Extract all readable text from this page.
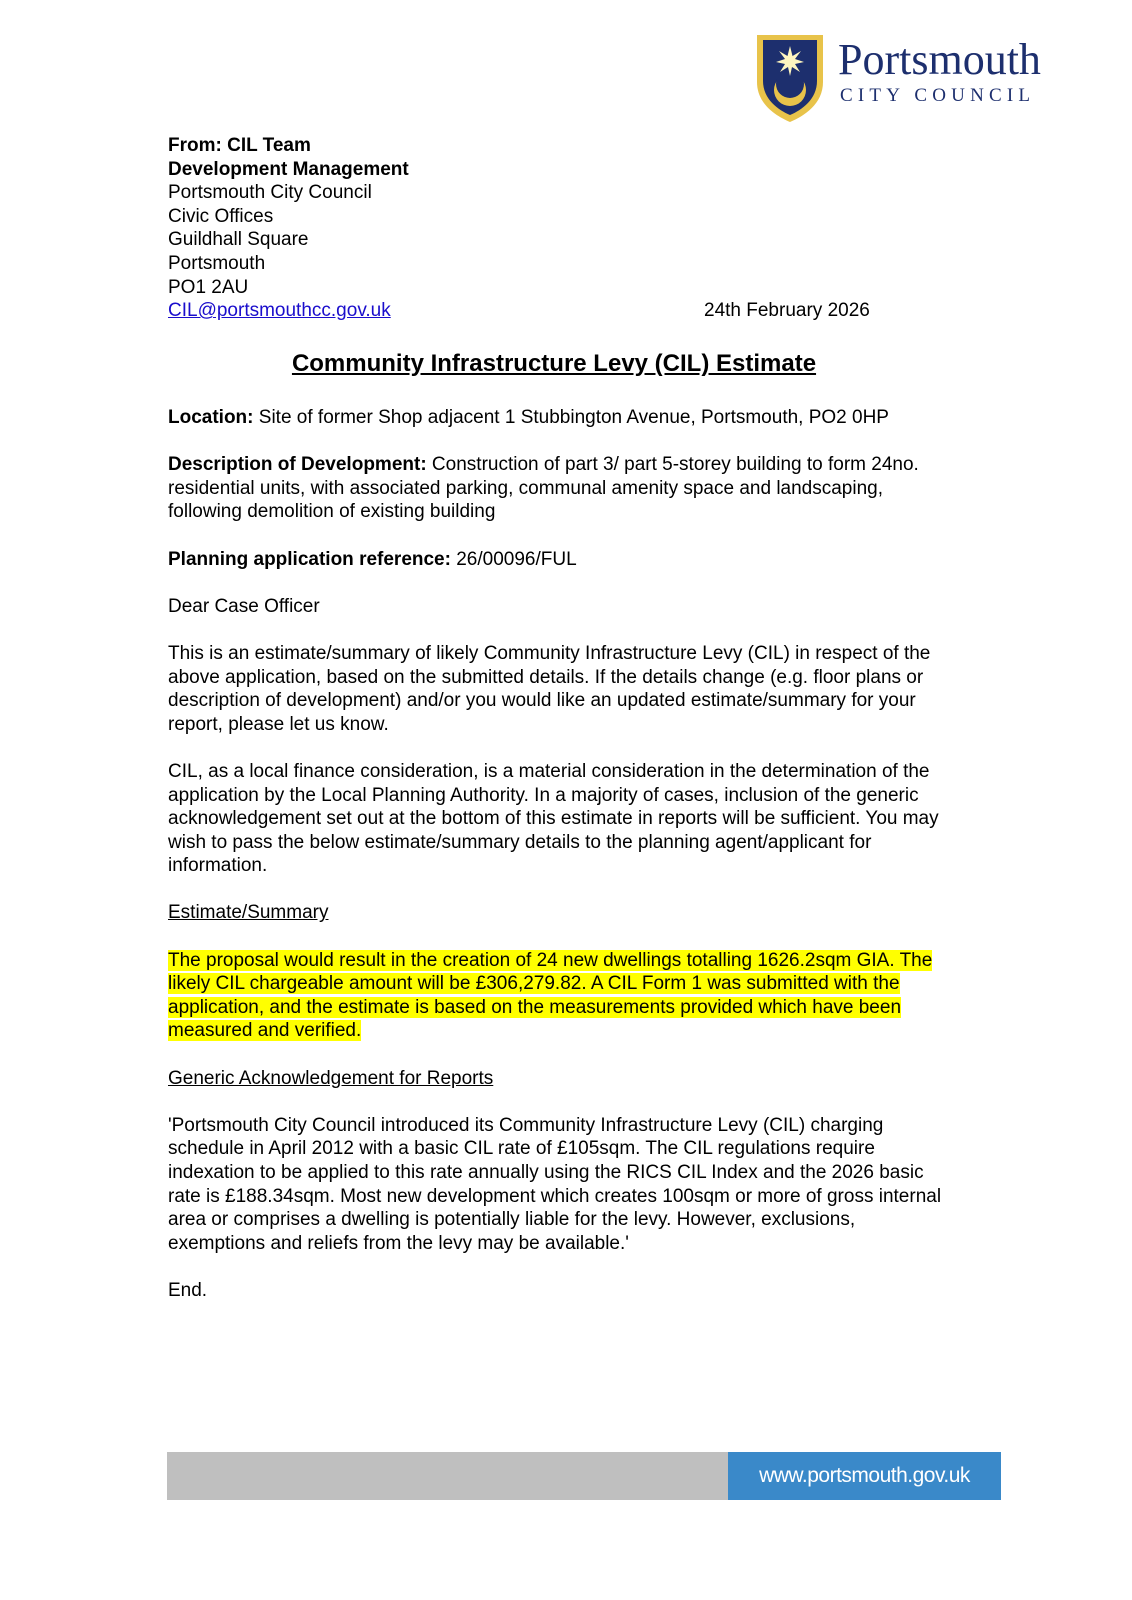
Portsmouth
CITY COUNCIL
From: CIL Team
Development Management
Portsmouth City Council
Civic Offices
Guildhall Square
Portsmouth
PO1 2AU
CIL@portsmouthcc.gov.uk	24th February 2026
Community Infrastructure Levy (CIL) Estimate

Location: Site of former Shop adjacent 1 Stubbington Avenue, Portsmouth, PO2 0HP

Description of Development: Construction of part 3/ part 5-storey building to form 24no. residential units, with associated parking, communal amenity space and landscaping, following demolition of existing building

Planning application reference: 26/00096/FUL

Dear Case Officer

This is an estimate/summary of likely Community Infrastructure Levy (CIL) in respect of the above application, based on the submitted details. If the details change (e.g. floor plans or description of development) and/or you would like an updated estimate/summary for your report, please let us know.

CIL, as a local finance consideration, is a material consideration in the determination of the application by the Local Planning Authority. In a majority of cases, inclusion of the generic acknowledgement set out at the bottom of this estimate in reports will be sufficient. You may wish to pass the below estimate/summary details to the planning agent/applicant for information.

Estimate/Summary

The proposal would result in the creation of 24 new dwellings totalling 1626.2sqm GIA. The likely CIL chargeable amount will be £306,279.82. A CIL Form 1 was submitted with the application, and the estimate is based on the measurements provided which have been measured and verified.

Generic Acknowledgement for Reports

'Portsmouth City Council introduced its Community Infrastructure Levy (CIL) charging schedule in April 2012 with a basic CIL rate of £105sqm. The CIL regulations require indexation to be applied to this rate annually using the RICS CIL Index and the 2026 basic rate is £188.34sqm. Most new development which creates 100sqm or more of gross internal area or comprises a dwelling is potentially liable for the levy. However, exclusions, exemptions and reliefs from the levy may be available.'

End.

www.portsmouth.gov.uk
